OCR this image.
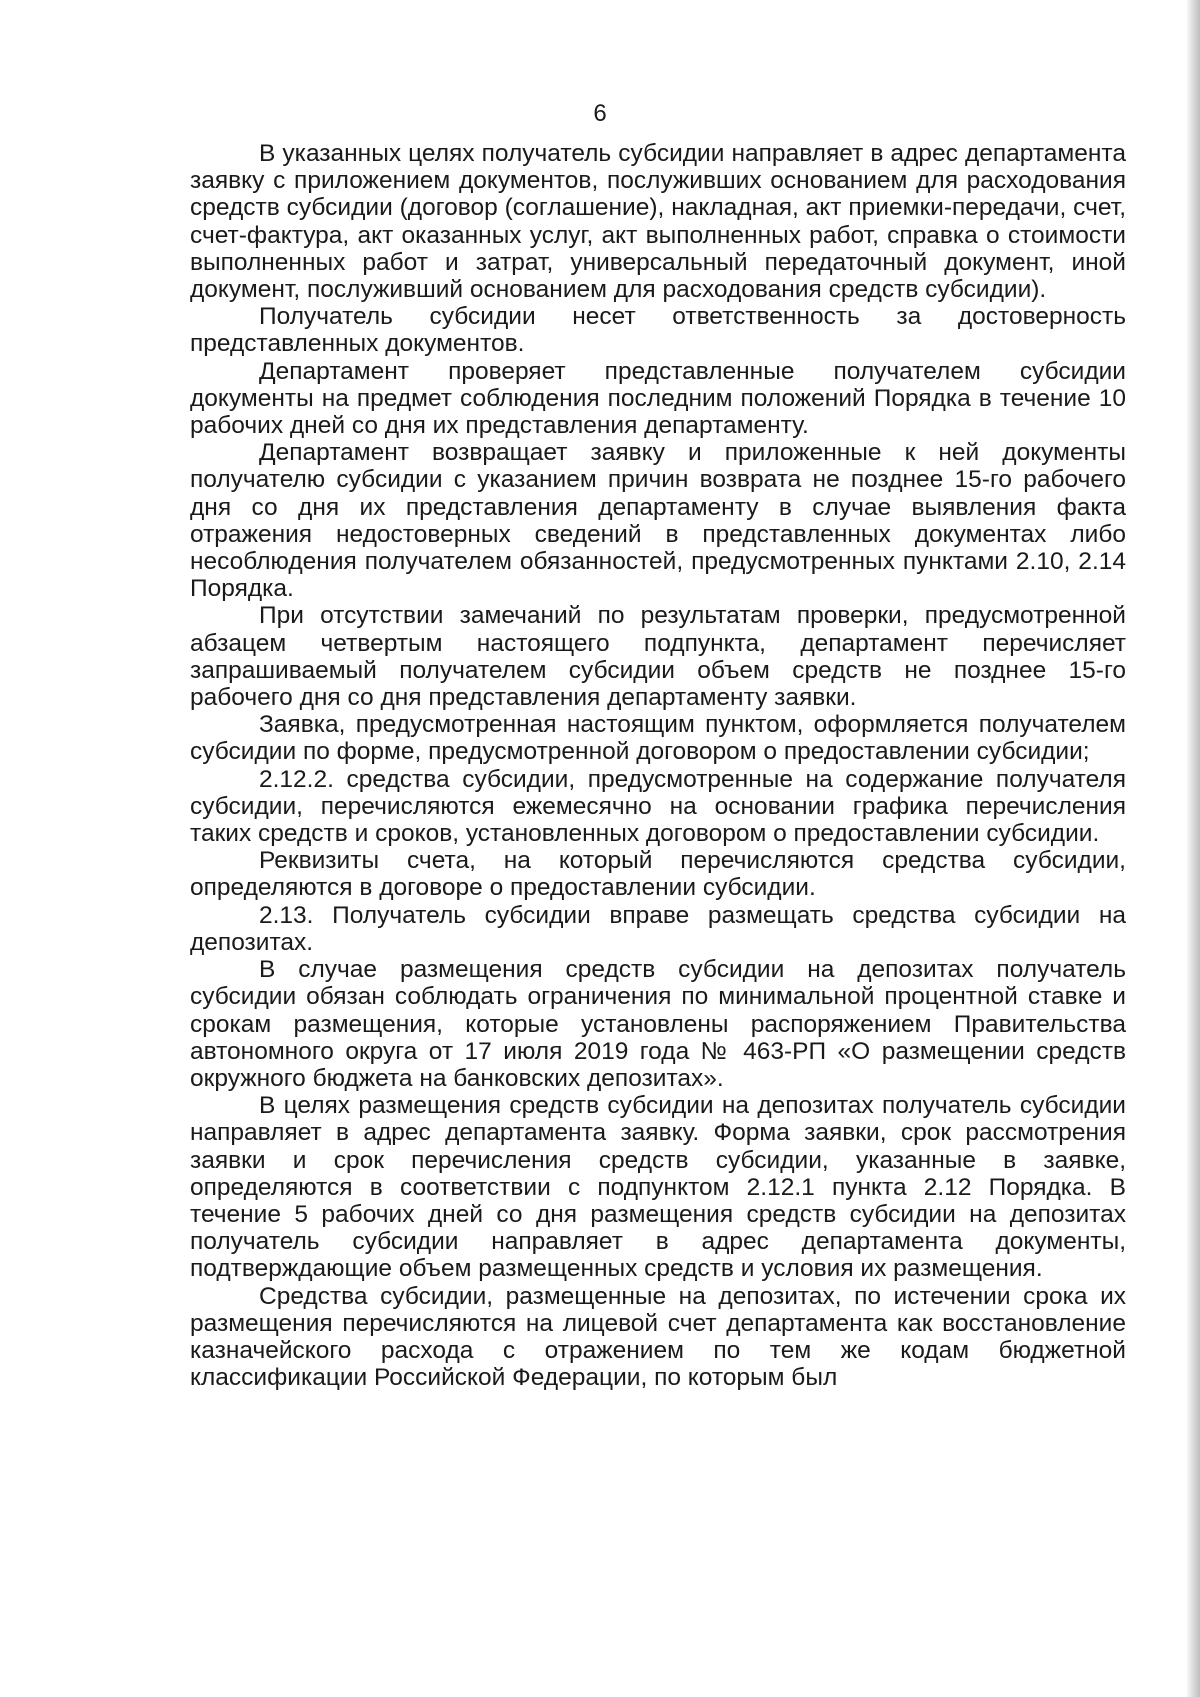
6

В указанных целях получатель субсидии направляет в адрес департамента заявку с приложением документов, послуживших основанием для расходования средств субсидии (договор (соглашение), накладная, акт приемки-передачи, счет, счет-фактура, акт оказанных услуг, акт выполненных работ, справка о стоимости выполненных работ и затрат, универсальный передаточный документ, иной документ, послуживший основанием для расходования средств субсидии).

Получатель субсидии несет ответственность за достоверность представленных документов.

Департамент проверяет представленные получателем субсидии документы на предмет соблюдения последним положений Порядка в течение 10 рабочих дней со дня их представления департаменту.

Департамент возвращает заявку и приложенные к ней документы получателю субсидии с указанием причин возврата не позднее 15-го рабочего дня со дня их представления департаменту в случае выявления факта отражения недостоверных сведений в представленных документах либо несоблюдения получателем обязанностей, предусмотренных пунктами 2.10, 2.14 Порядка.

При отсутствии замечаний по результатам проверки, предусмотренной абзацем четвертым настоящего подпункта, департамент перечисляет запрашиваемый получателем субсидии объем средств не позднее 15-го рабочего дня со дня представления департаменту заявки.

Заявка, предусмотренная настоящим пунктом, оформляется получателем субсидии по форме, предусмотренной договором о предоставлении субсидии;

2.12.2. средства субсидии, предусмотренные на содержание получателя субсидии, перечисляются ежемесячно на основании графика перечисления таких средств и сроков, установленных договором о предоставлении субсидии.

Реквизиты счета, на который перечисляются средства субсидии, определяются в договоре о предоставлении субсидии.

2.13. Получатель субсидии вправе размещать средства субсидии на депозитах.

В случае размещения средств субсидии на депозитах получатель субсидии обязан соблюдать ограничения по минимальной процентной ставке и срокам размещения, которые установлены распоряжением Правительства автономного округа от 17 июля 2019 года № 463-РП «О размещении средств окружного бюджета на банковских депозитах».

В целях размещения средств субсидии на депозитах получатель субсидии направляет в адрес департамента заявку. Форма заявки, срок рассмотрения заявки и срок перечисления средств субсидии, указанные в заявке, определяются в соответствии с подпунктом 2.12.1 пункта 2.12 Порядка. В течение 5 рабочих дней со дня размещения средств субсидии на депозитах получатель субсидии направляет в адрес департамента документы, подтверждающие объем размещенных средств и условия их размещения.

Средства субсидии, размещенные на депозитах, по истечении срока их размещения перечисляются на лицевой счет департамента как восстановление казначейского расхода с отражением по тем же кодам бюджетной классификации Российской Федерации, по которым был
